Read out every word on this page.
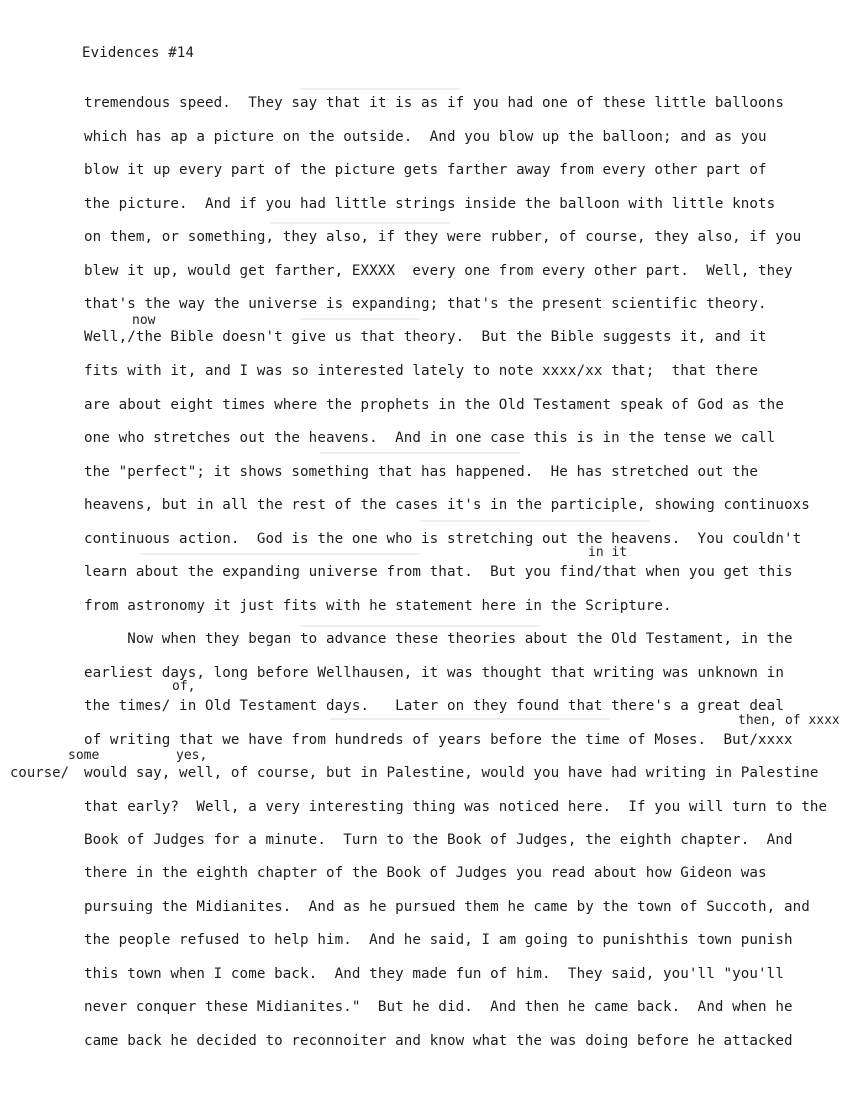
Evidences #14
now
in it
of,
then, of xxxx
some	yes,
course/
tremendous speed.  They say that it is as if you had one of these little balloons
which has ap a picture on the outside.  And you blow up the balloon; and as you
blow it up every part of the picture gets farther away from every other part of
the picture.  And if you had little strings inside the balloon with little knots
on them, or something, they also, if they were rubber, of course, they also, if you
blew it up, would get farther, EXXXX  every one from every other part.  Well, they
that's the way the universe is expanding; that's the present scientific theory.
Well,/the Bible doesn't give us that theory.  But the Bible suggests it, and it
fits with it, and I was so interested lately to note xxxx/xx that;  that there
are about eight times where the prophets in the Old Testament speak of God as the
one who stretches out the heavens.  And in one case this is in the tense we call
the "perfect"; it shows something that has happened.  He has stretched out the
heavens, but in all the rest of the cases it's in the participle, showing continuoxs
continuous action.  God is the one who is stretching out the heavens.  You couldn't
learn about the expanding universe from that.  But you find/that when you get this
from astronomy it just fits with he statement here in the Scripture.
Now when they began to advance these theories about the Old Testament, in the
earliest days, long before Wellhausen, it was thought that writing was unknown in
the times/ in Old Testament days.   Later on they found that there's a great deal
of writing that we have from hundreds of years before the time of Moses.  But/xxxx
would say, well, of course, but in Palestine, would you have had writing in Palestine
that early?  Well, a very interesting thing was noticed here.  If you will turn to the
Book of Judges for a minute.  Turn to the Book of Judges, the eighth chapter.  And
there in the eighth chapter of the Book of Judges you read about how Gideon was
pursuing the Midianites.  And as he pursued them he came by the town of Succoth, and
the people refused to help him.  And he said, I am going to punishthis town punish
this town when I come back.  And they made fun of him.  They said, you'll "you'll
never conquer these Midianites."  But he did.  And then he came back.  And when he
came back he decided to reconnoiter and know what the was doing before he attacked
